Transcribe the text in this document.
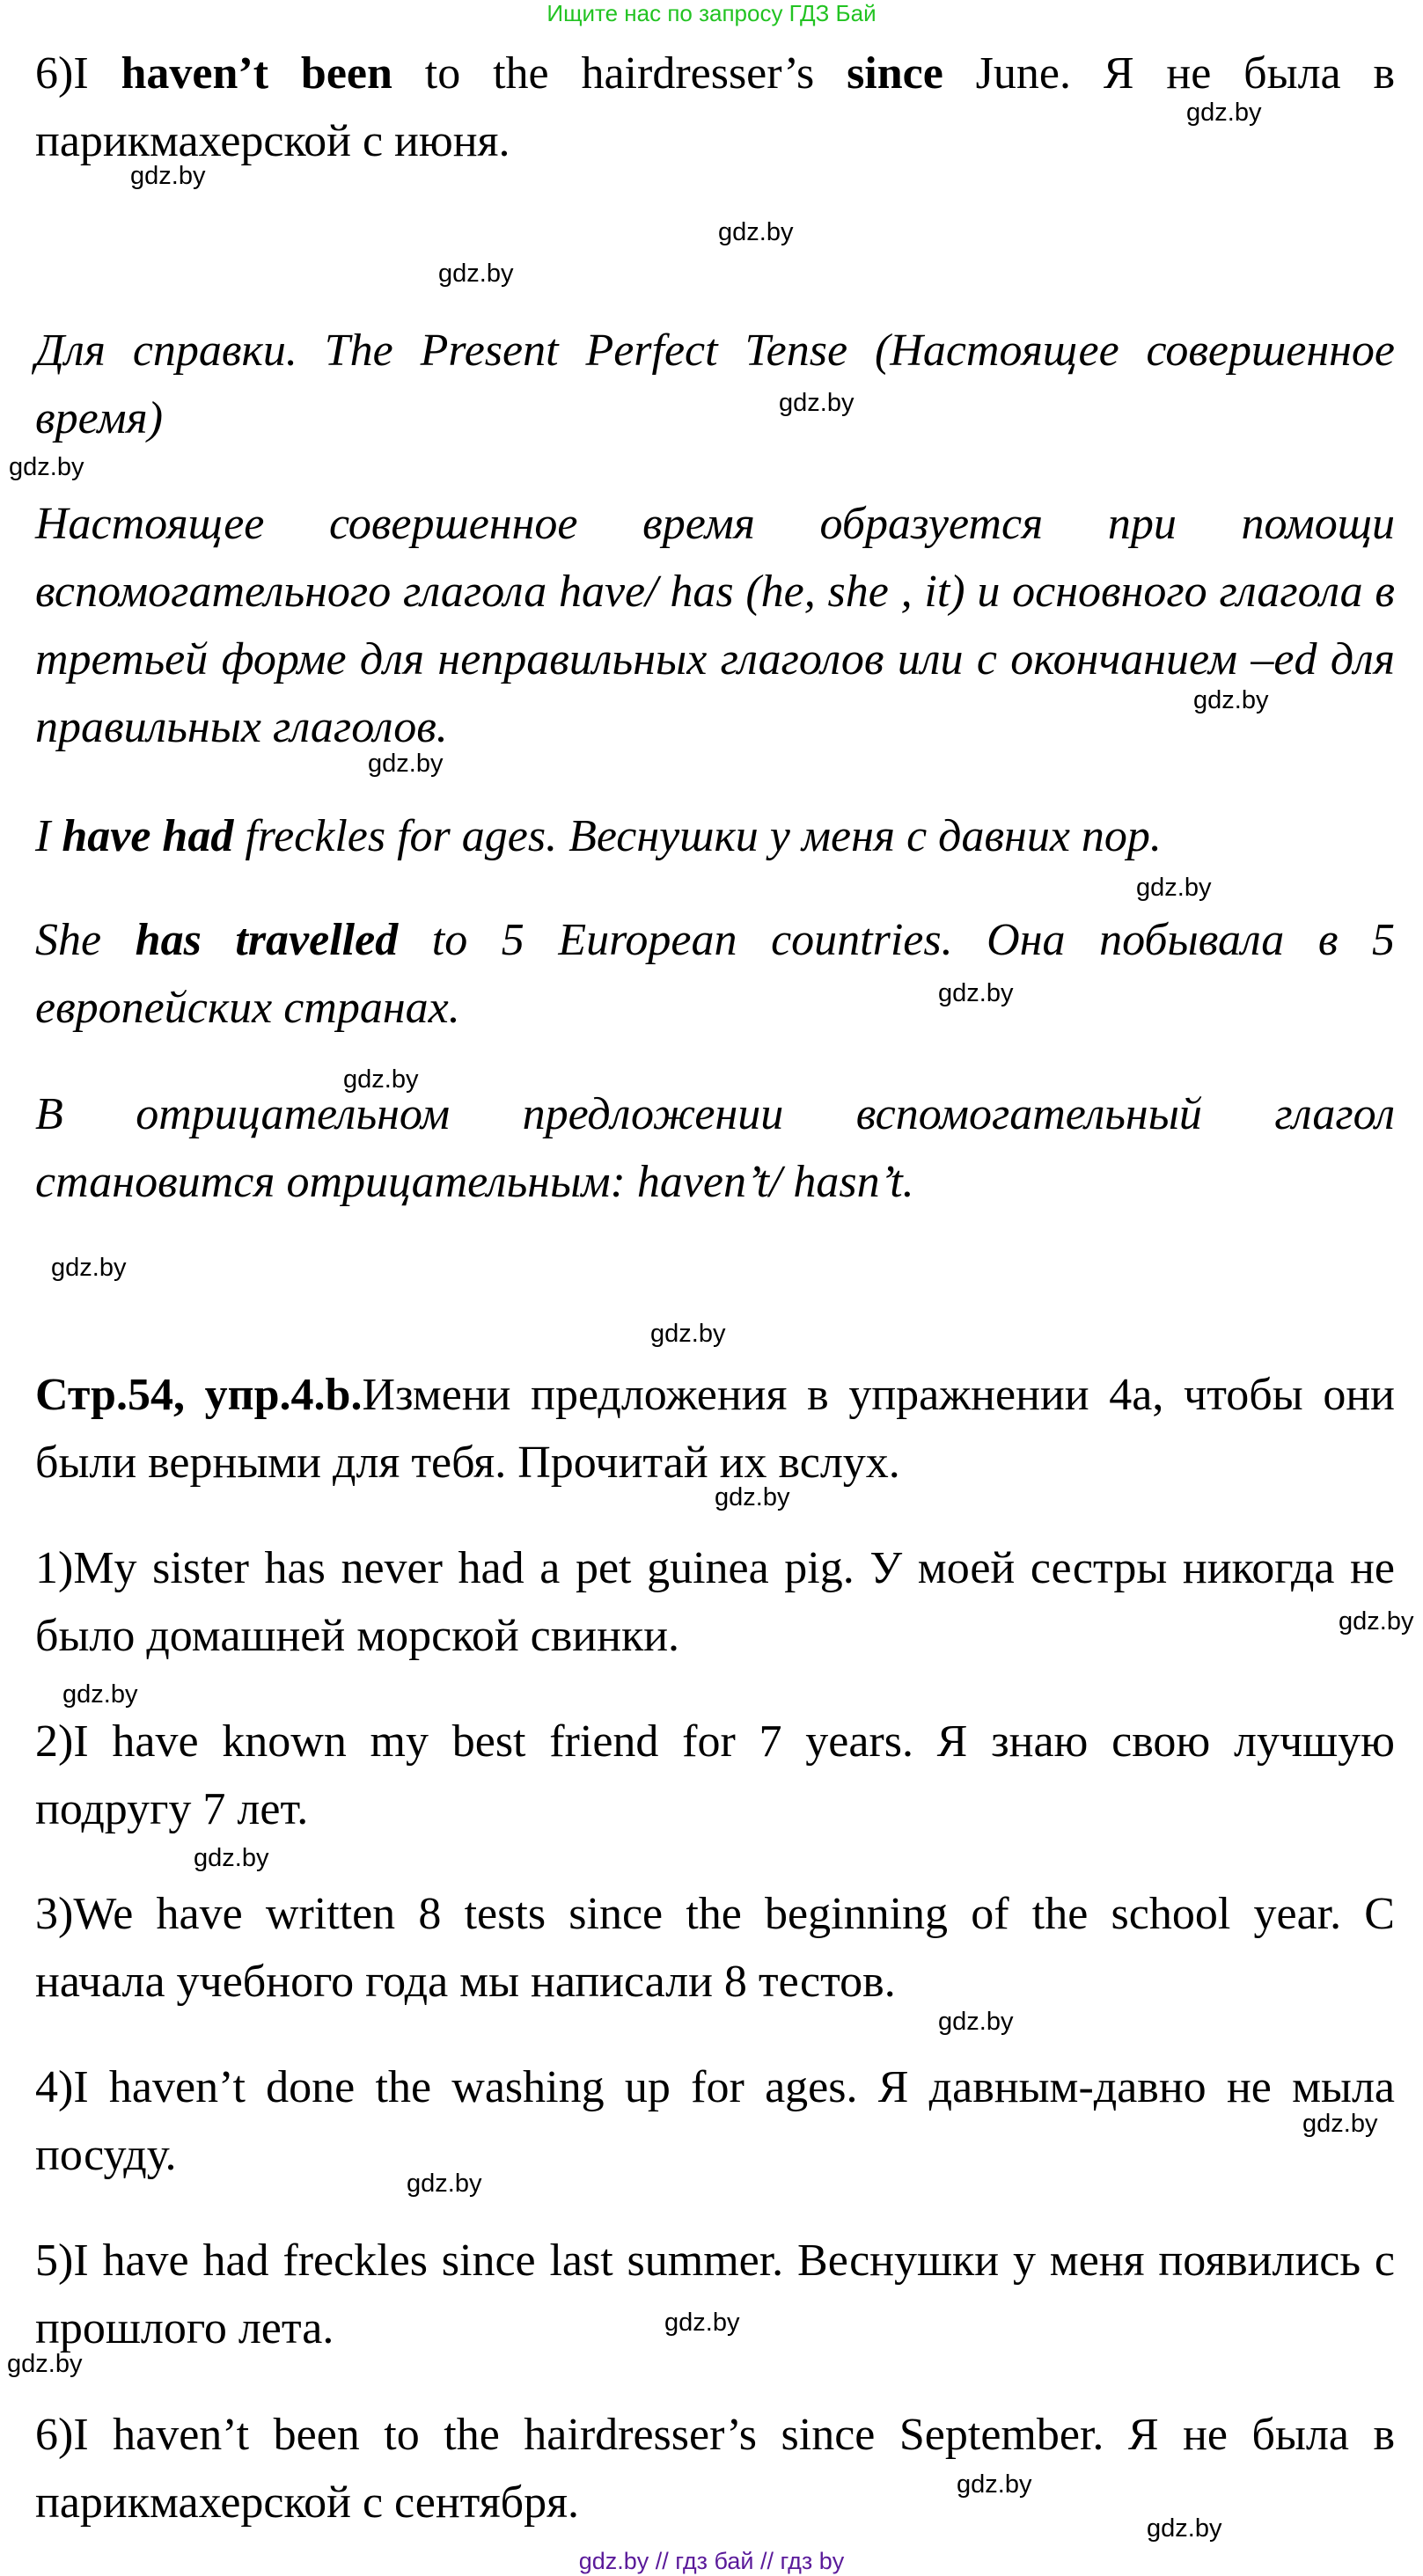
Ищите нас по запросу ГДЗ Бай

6)I haven’t been to the hairdresser’s since June. Я не была в парикмахерской с июня.

Для справки. The Present Perfect Tense (Настоящее совершенное время)

Настоящее совершенное время образуется при помощи вспомогательного глагола have/ has (he, she , it) и основного глагола в третьей форме для неправильных глаголов или с окончанием –ed для правильных глаголов.

I have had freckles for ages. Веснушки у меня с давних пор.

She has travelled to 5 European countries. Она побывала в 5 европейских странах.

В отрицательном предложении вспомогательный глагол становится отрицательным: haven’t/ hasn’t.

Стр.54, упр.4.b.Измени предложения в упражнении 4а, чтобы они были верными для тебя. Прочитай их вслух.

1)My sister has never had a pet guinea pig. У моей сестры никогда не было домашней морской свинки.

2)I have known my best friend for 7 years. Я знаю свою лучшую подругу 7 лет.

3)We have written 8 tests since the beginning of the school year. С начала учебного года мы написали 8 тестов.

4)I haven’t done the washing up for ages. Я давным-давно не мыла посуду.

5)I have had freckles since last summer. Веснушки у меня появились с прошлого лета.

6)I haven’t been to the hairdresser’s since September. Я не была в парикмахерской с сентября.

gdz.by
gdz.by
gdz.by
gdz.by
gdz.by
gdz.by
gdz.by
gdz.by
gdz.by
gdz.by
gdz.by
gdz.by
gdz.by
gdz.by
gdz.by
gdz.by
gdz.by
gdz.by
gdz.by
gdz.by
gdz.by
gdz.by
gdz.by
gdz.by
gdz.by // гдз бай // гдз by
